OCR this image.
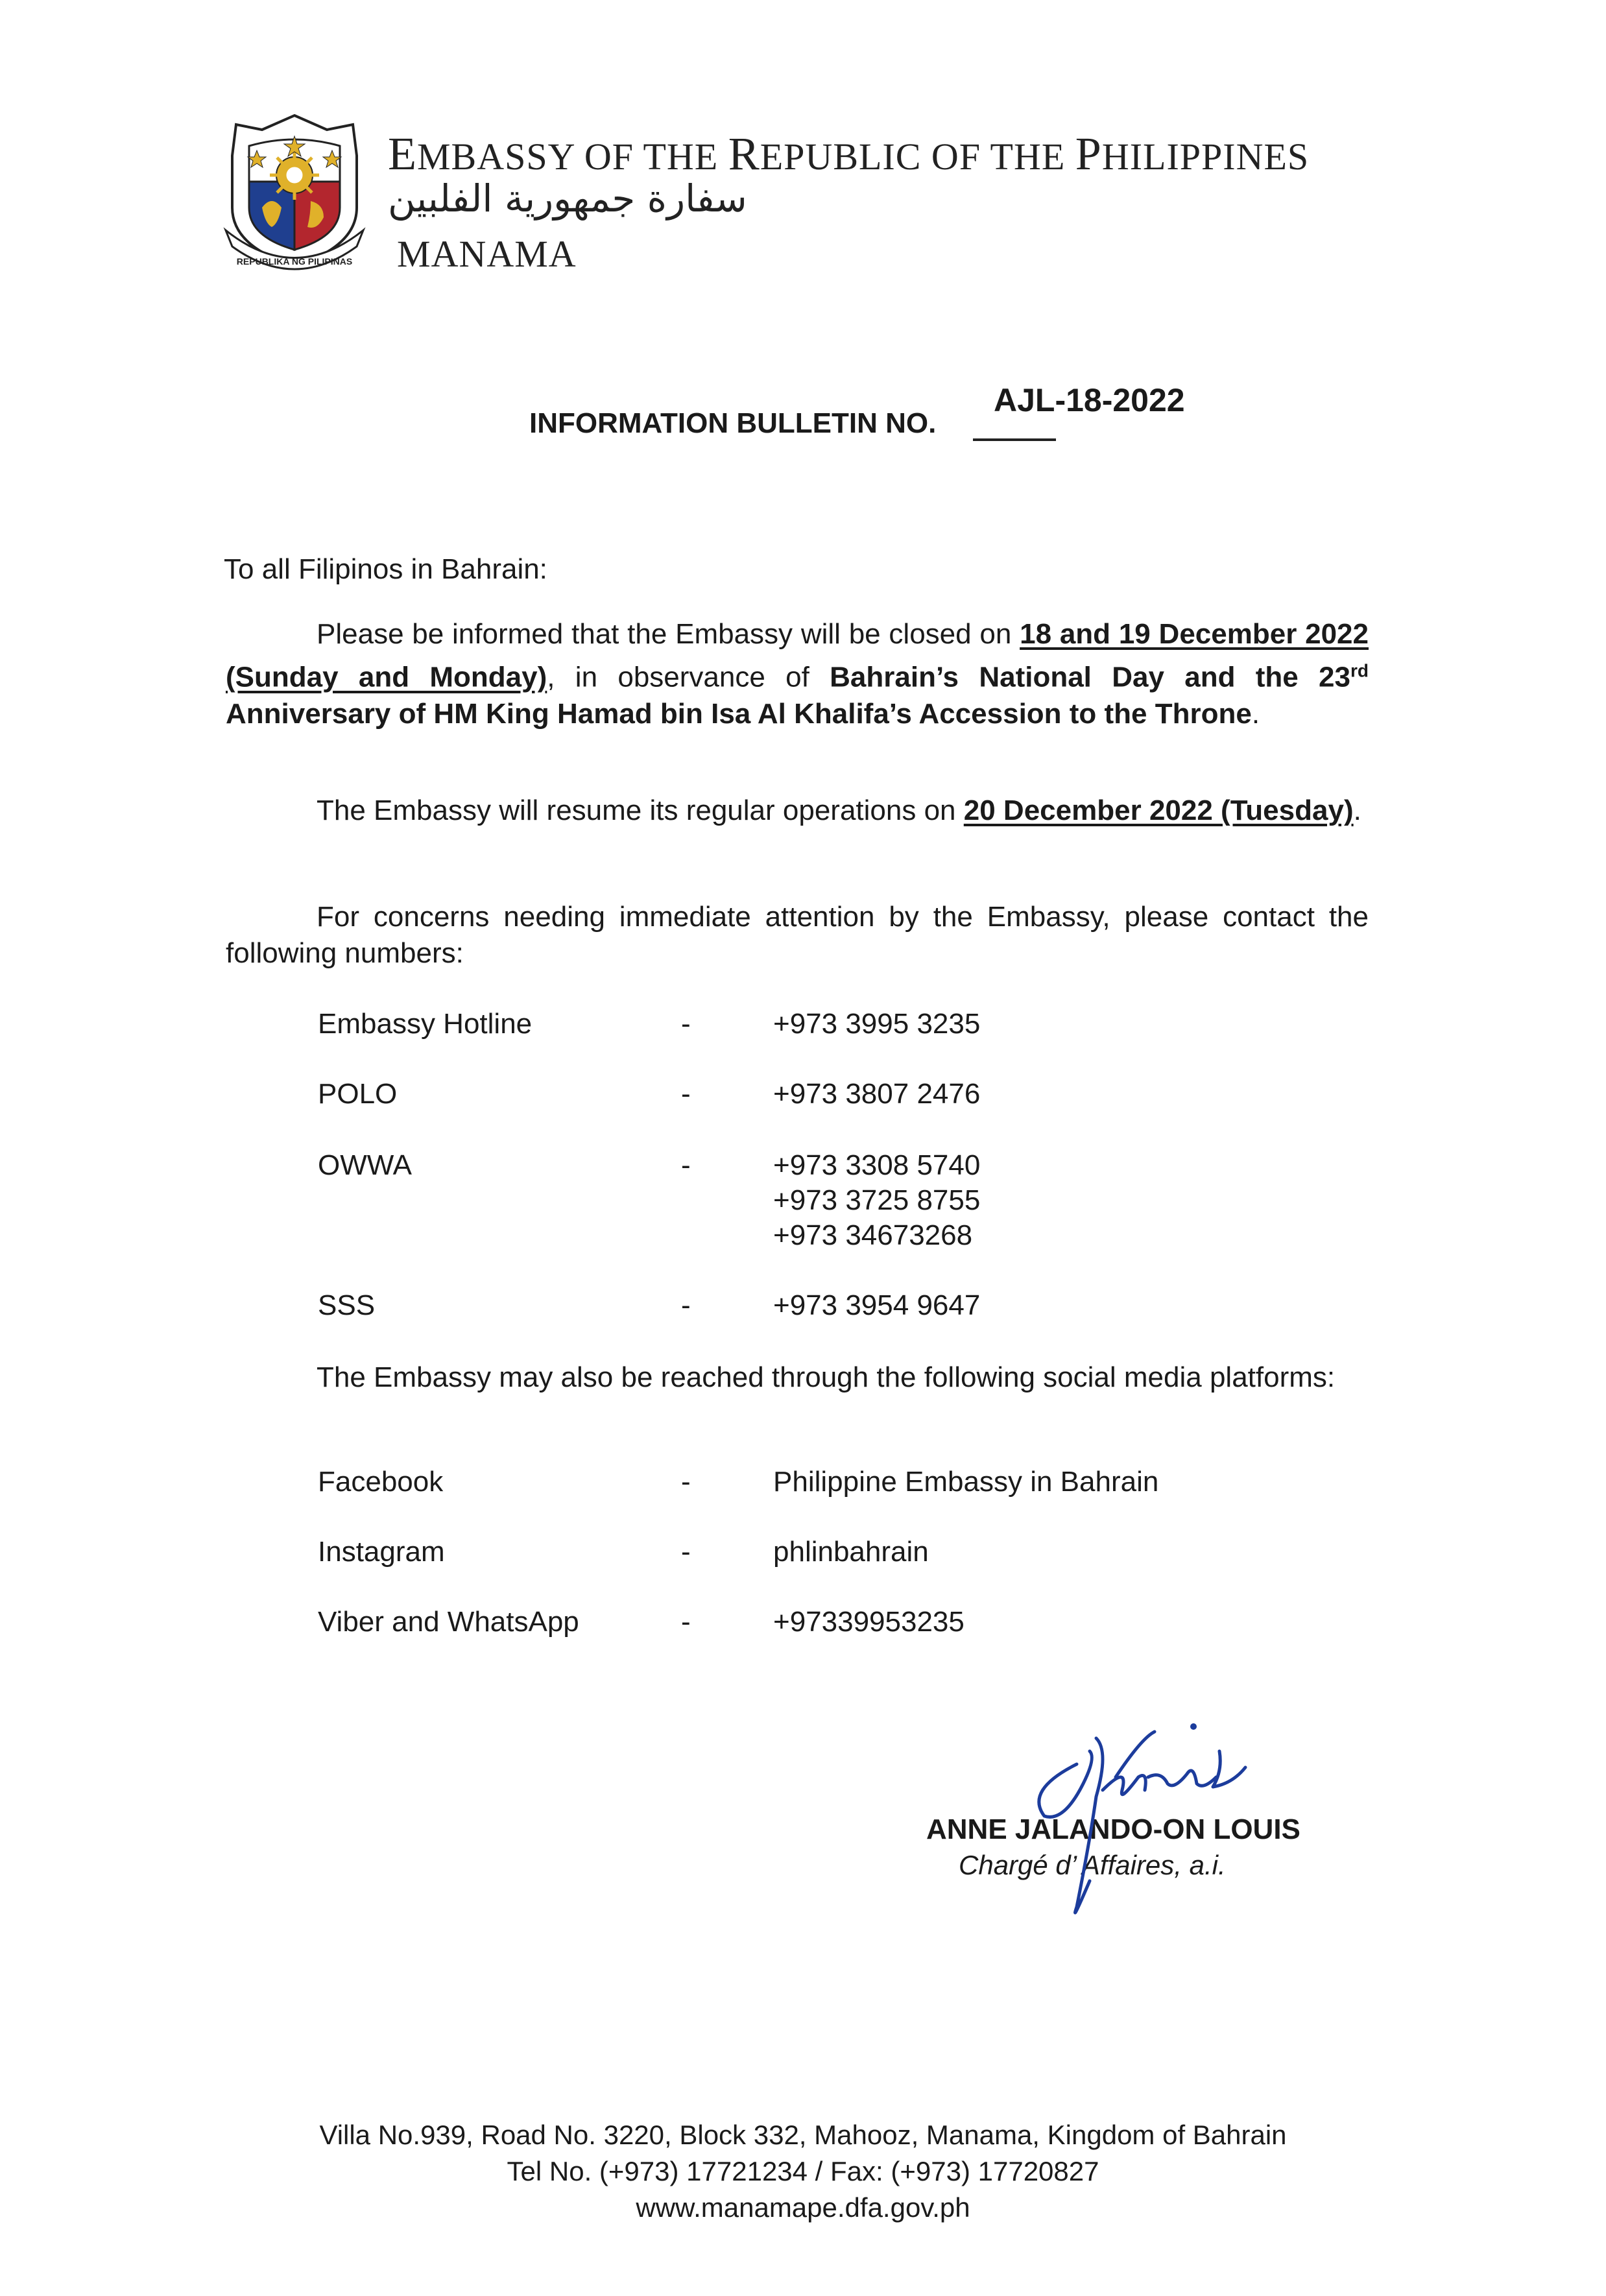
REPUBLIKA NG PILIPINAS
EMBASSY OF THE REPUBLIC OF THE PHILIPPINES
سفارة جمهورية الفلبين
MANAMA
INFORMATION BULLETIN NO.
AJL-18-2022
To all Filipinos in Bahrain:
Please be informed that the Embassy will be closed on 18 and 19 December 2022 (Sunday and Monday), in observance of Bahrain’s National Day and the 23rd Anniversary of HM King Hamad bin Isa Al Khalifa’s Accession to the Throne.
The Embassy will resume its regular operations on 20 December 2022 (Tuesday).
For concerns needing immediate attention by the Embassy, please contact the following numbers:
Embassy Hotline	-	+973 3995 3235
POLO	-	+973 3807 2476
OWWA	-	+973 3308 5740
+973 3725 8755
+973 34673268
SSS	-	+973 3954 9647
The Embassy may also be reached through the following social media platforms:
Facebook	-	Philippine Embassy in Bahrain
Instagram	-	phlinbahrain
Viber and WhatsApp	-	+97339953235
ANNE JALANDO-ON LOUIS
Chargé d’ Affaires, a.i.
Villa No.939, Road No. 3220, Block 332, Mahooz, Manama, Kingdom of Bahrain
Tel No. (+973) 17721234 / Fax: (+973) 17720827
www.manamape.dfa.gov.ph
